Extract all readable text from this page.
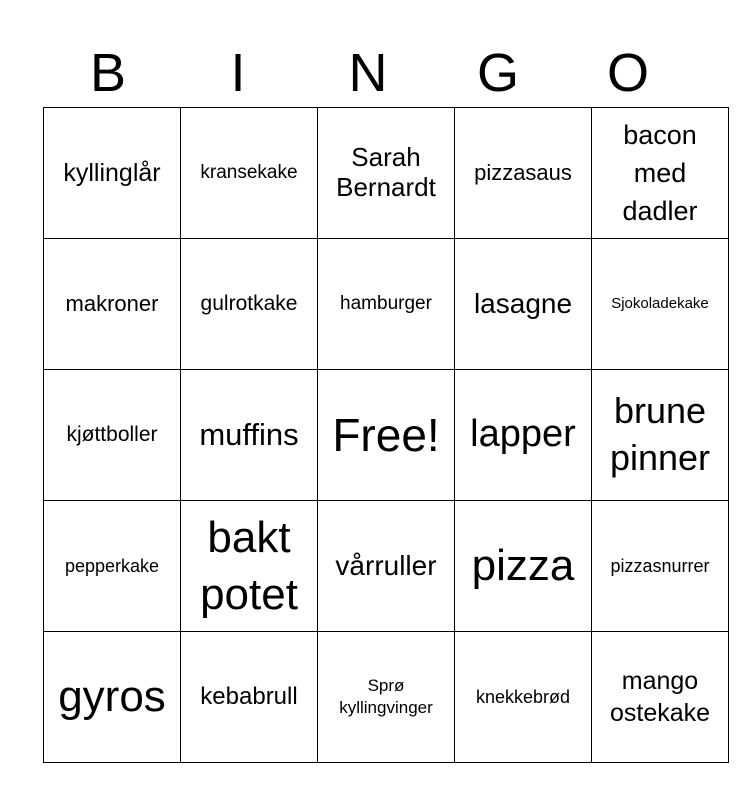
B	I	N	G	O
kyllinglår	kransekake	Sarah Bernardt	pizzasaus	bacon med dadler
makroner	gulrotkake	hamburger	lasagne	Sjokoladekake
kjøttboller	muffins	Free!	lapper	brune pinner
pepperkake	bakt potet	vårruller	pizza	pizzasnurrer
gyros	kebabrull	Sprø kyllingvinger	knekkebrød	mango ostekake
